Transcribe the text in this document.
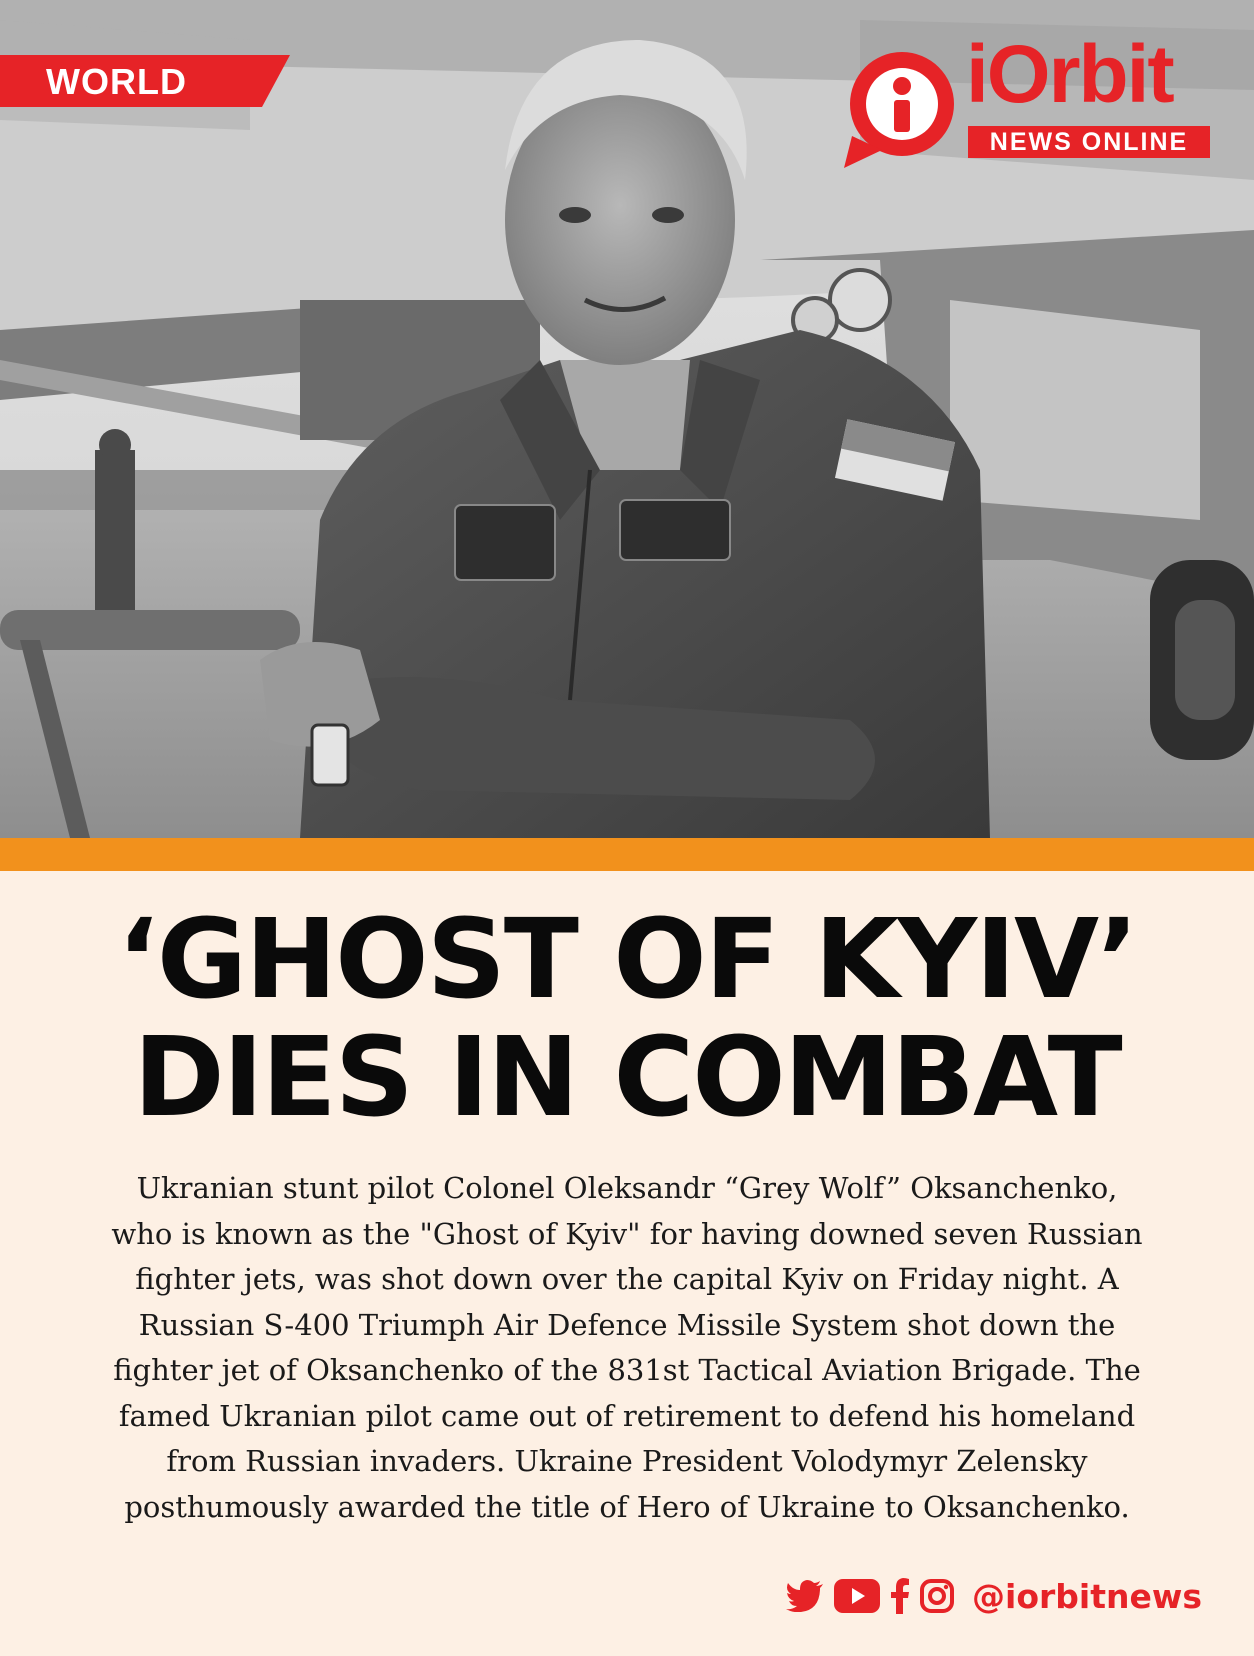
WORLD	iOrbit
NEWS ONLINE
‘GHOST OF KYIV’
DIES IN COMBAT
Ukranian stunt pilot Colonel Oleksandr “Grey Wolf” Oksanchenko,
who is known as the "Ghost of Kyiv" for having downed seven Russian
fighter jets, was shot down over the capital Kyiv on Friday night. A
Russian S-400 Triumph Air Defence Missile System shot down the
fighter jet of Oksanchenko of the 831st Tactical Aviation Brigade. The
famed Ukranian pilot came out of retirement to defend his homeland
from Russian invaders. Ukraine President Volodymyr Zelensky
posthumously awarded the title of Hero of Ukraine to Oksanchenko.
@iorbitnews
